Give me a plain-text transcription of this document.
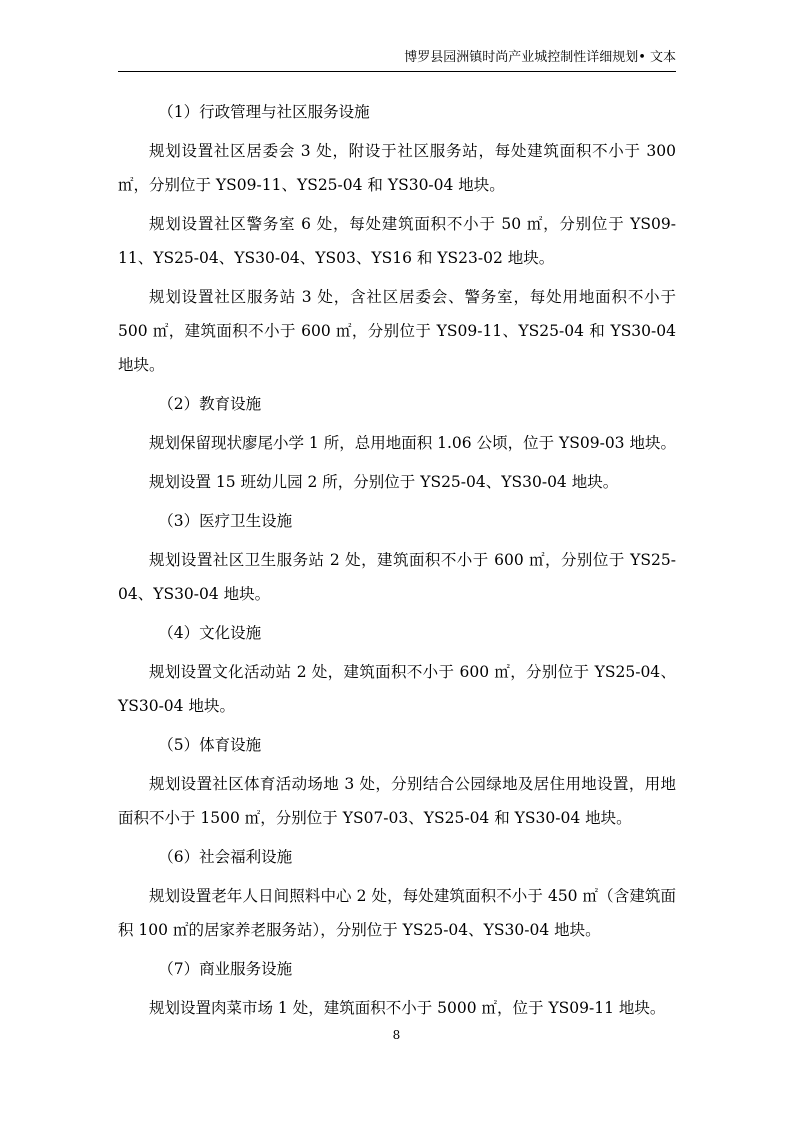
博罗县园洲镇时尚产业城控制性详细规划• 文本

（1）行政管理与社区服务设施

规划设置社区居委会 3 处，附设于社区服务站，每处建筑面积不小于 300 ㎡，分别位于 YS09-11、YS25-04 和 YS30-04 地块。

规划设置社区警务室 6 处，每处建筑面积不小于 50 ㎡，分别位于 YS09-11、YS25-04、YS30-04、YS03、YS16 和 YS23-02 地块。

规划设置社区服务站 3 处，含社区居委会、警务室，每处用地面积不小于 500 ㎡，建筑面积不小于 600 ㎡，分别位于 YS09-11、YS25-04 和 YS30-04 地块。

（2）教育设施

规划保留现状廖尾小学 1 所，总用地面积 1.06 公顷，位于 YS09-03 地块。

规划设置 15 班幼儿园 2 所，分别位于 YS25-04、YS30-04 地块。

（3）医疗卫生设施

规划设置社区卫生服务站 2 处，建筑面积不小于 600 ㎡，分别位于 YS25-04、YS30-04 地块。

（4）文化设施

规划设置文化活动站 2 处，建筑面积不小于 600 ㎡，分别位于 YS25-04、YS30-04 地块。

（5）体育设施

规划设置社区体育活动场地 3 处，分别结合公园绿地及居住用地设置，用地面积不小于 1500 ㎡，分别位于 YS07-03、YS25-04 和 YS30-04 地块。

（6）社会福利设施

规划设置老年人日间照料中心 2 处，每处建筑面积不小于 450 ㎡（含建筑面积 100 ㎡的居家养老服务站），分别位于 YS25-04、YS30-04 地块。

（7）商业服务设施

规划设置肉菜市场 1 处，建筑面积不小于 5000 ㎡，位于 YS09-11 地块。

8
